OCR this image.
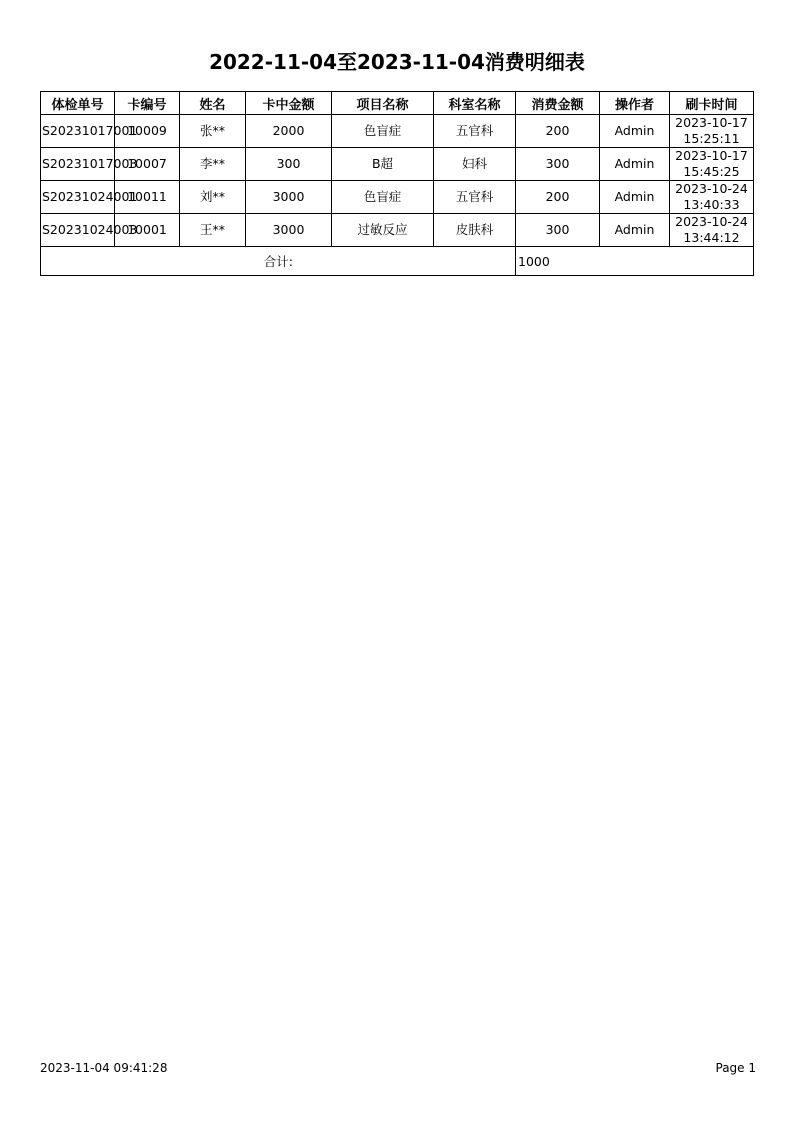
2022-11-04至2023-11-04消费明细表
体检单号	卡编号	姓名	卡中金额	项目名称	科室名称	消费金额	操作者	刷卡时间
S20231017001	10009	张**	2000	色盲症	五官科	200	Admin	2023-10-17 15:25:11
S20231017003	10007	李**	300	B超	妇科	300	Admin	2023-10-17 15:45:25
S20231024001	10011	刘**	3000	色盲症	五官科	200	Admin	2023-10-24 13:40:33
S20231024003	10001	王**	3000	过敏反应	皮肤科	300	Admin	2023-10-24 13:44:12
合计:						1000		
2023-11-04 09:41:28	Page 1
